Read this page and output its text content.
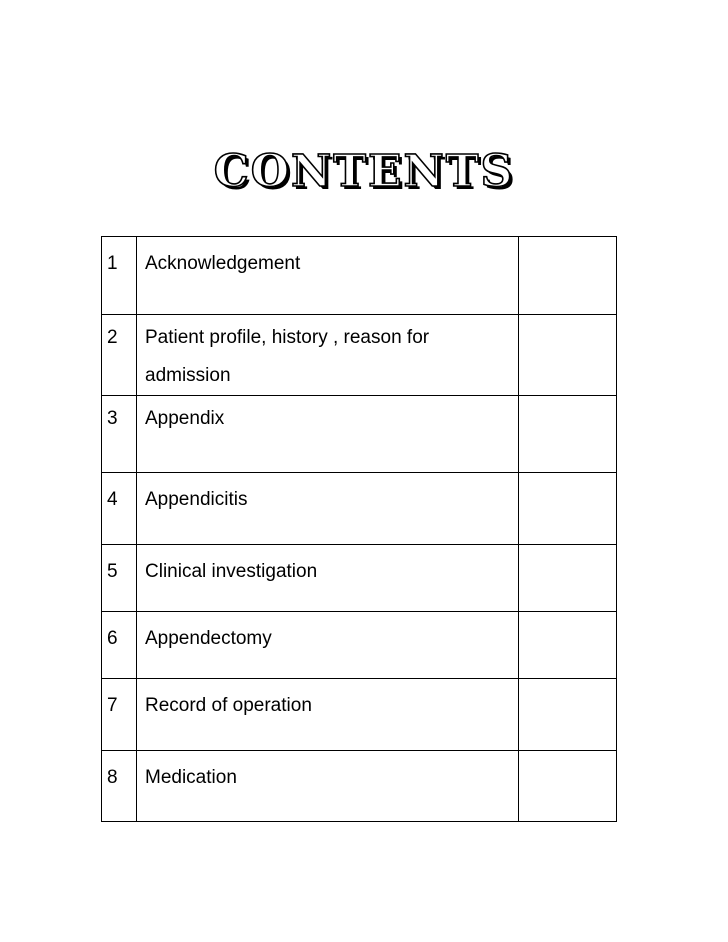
CONTENTS
1	Acknowledgement	
2	Patient profile, history , reason for admission	
3	Appendix	
4	Appendicitis	
5	Clinical investigation	
6	Appendectomy	
7	Record of operation	
8	Medication	
